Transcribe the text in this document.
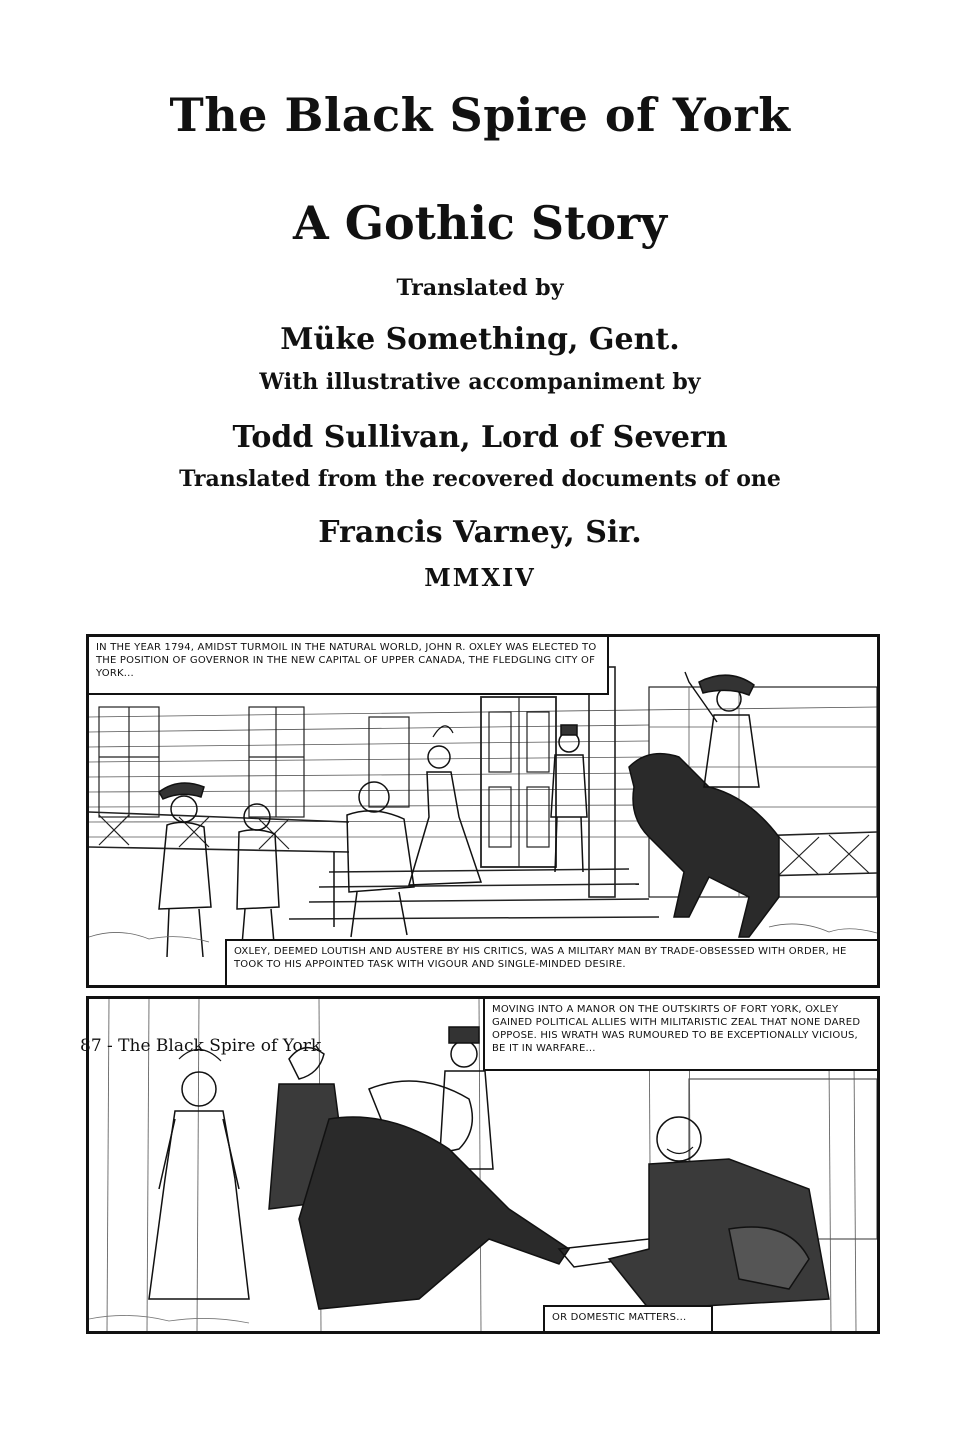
The Black Spire of York
A Gothic Story
Translated by
Müke Something, Gent.
With illustrative accompaniment by
Todd Sullivan, Lord of Severn
Translated from the recovered documents of one
Francis Varney, Sir.
MMXIV
IN THE YEAR 1794, AMIDST TURMOIL IN THE NATURAL WORLD, JOHN R. OXLEY WAS ELECTED TO THE POSITION OF GOVERNOR IN THE NEW CAPITAL OF UPPER CANADA, THE FLEDGLING CITY OF YORK...
OXLEY, DEEMED LOUTISH AND AUSTERE BY HIS CRITICS, WAS A MILITARY MAN BY TRADE-OBSESSED WITH ORDER, HE TOOK TO HIS APPOINTED TASK WITH VIGOUR AND SINGLE-MINDED DESIRE.
MOVING INTO A MANOR ON THE OUTSKIRTS OF FORT YORK, OXLEY GAINED POLITICAL ALLIES WITH MILITARISTIC ZEAL THAT NONE DARED OPPOSE. HIS WRATH WAS RUMOURED TO BE EXCEPTIONALLY VICIOUS, BE IT IN WARFARE...
OR DOMESTIC MATTERS...
87 - The Black Spire of York
